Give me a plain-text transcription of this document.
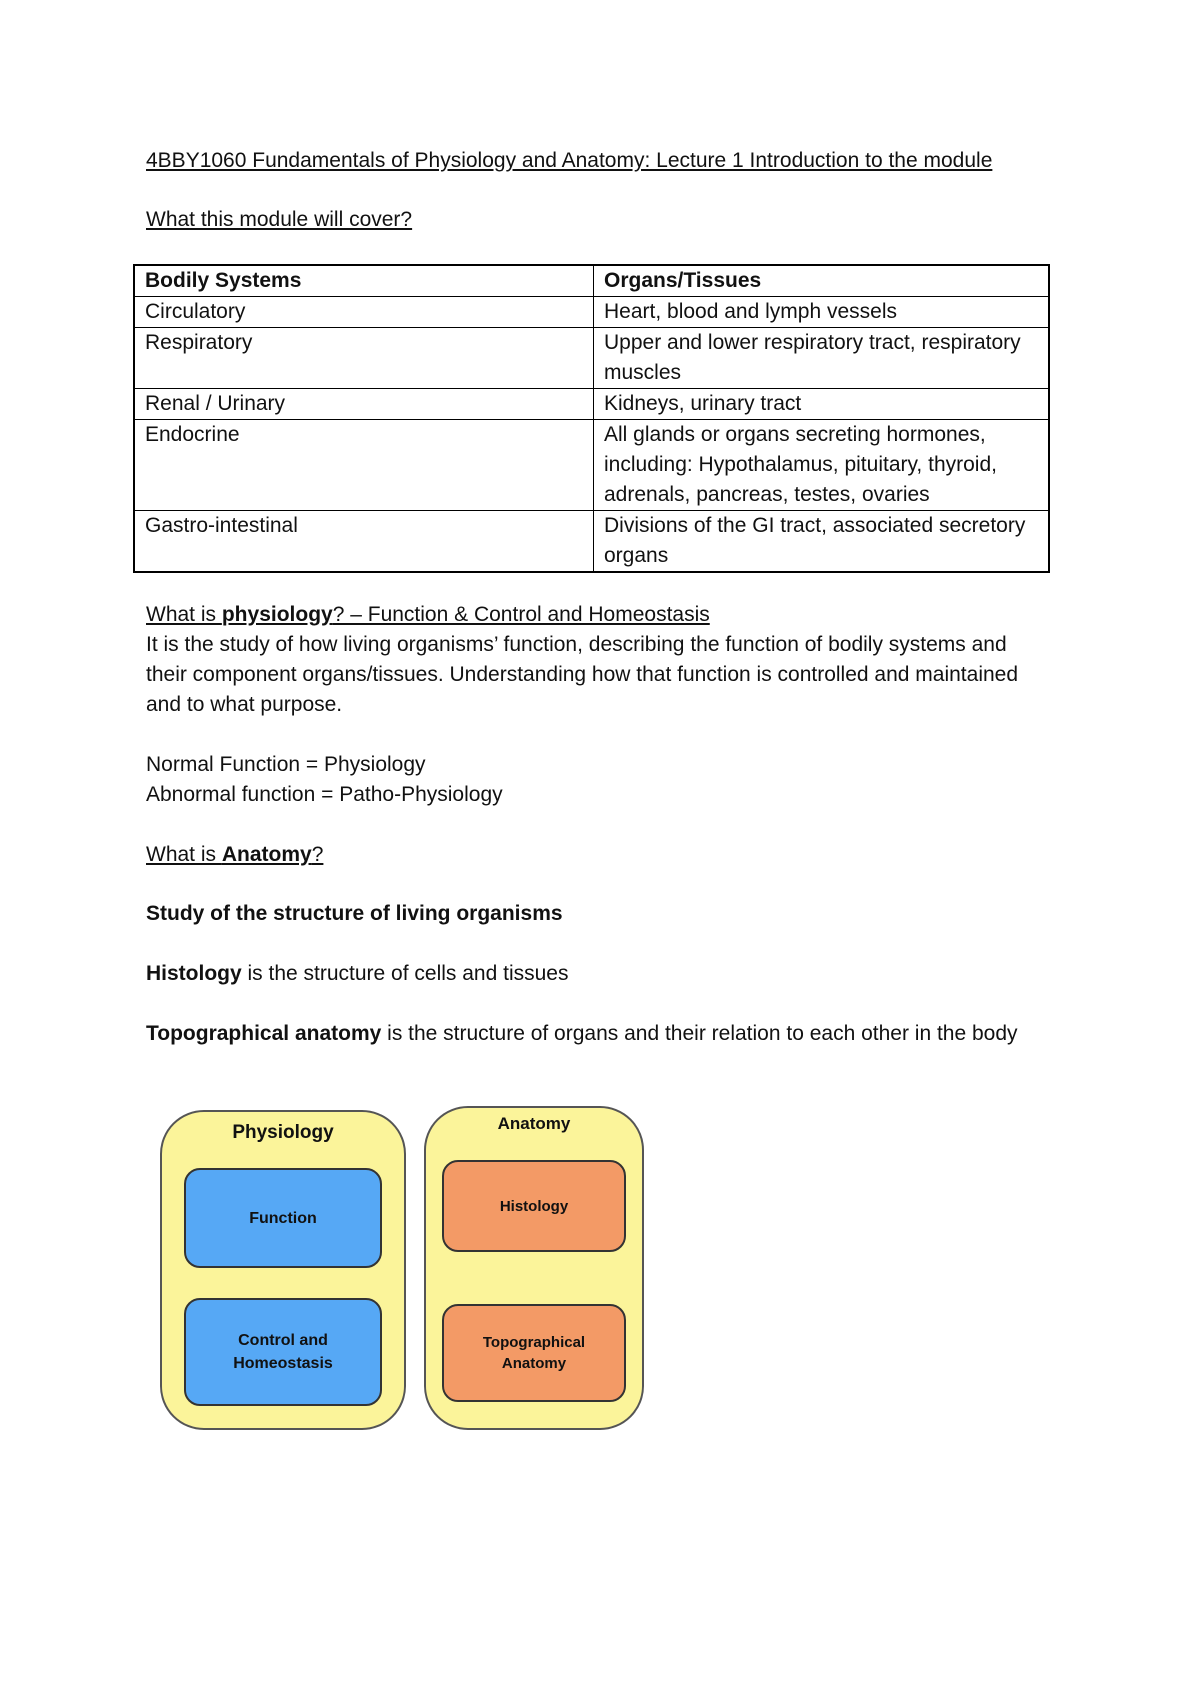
4BBY1060 Fundamentals of Physiology and Anatomy: Lecture 1 Introduction to the module

What this module will cover?

Bodily Systems	Organs/Tissues
Circulatory	Heart, blood and lymph vessels
Respiratory	Upper and lower respiratory tract, respiratory muscles
Renal / Urinary	Kidneys, urinary tract
Endocrine	All glands or organs secreting hormones, including: Hypothalamus, pituitary, thyroid, adrenals, pancreas, testes, ovaries
Gastro-intestinal	Divisions of the GI tract, associated secretory organs

What is physiology? – Function & Control and Homeostasis

It is the study of how living organisms’ function, describing the function of bodily systems and their component organs/tissues. Understanding how that function is controlled and maintained and to what purpose.

Normal Function = Physiology

Abnormal function = Patho-Physiology

What is Anatomy?

Study of the structure of living organisms

Histology is the structure of cells and tissues

Topographical anatomy is the structure of organs and their relation to each other in the body

Physiology
Function
Control and
Homeostasis
Anatomy
Histology
Topographical
Anatomy
